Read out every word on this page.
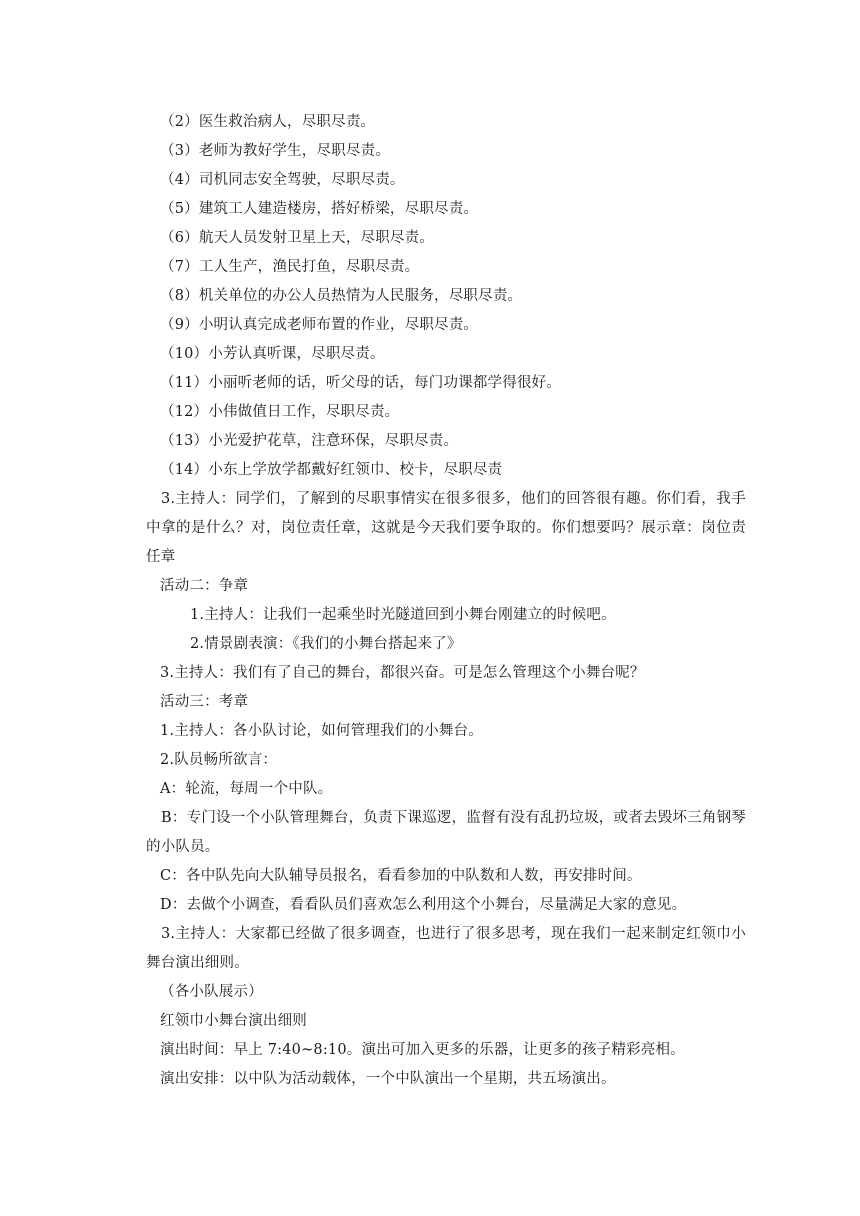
（2）医生救治病人，尽职尽责。
（3）老师为教好学生，尽职尽责。
（4）司机同志安全驾驶，尽职尽责。
（5）建筑工人建造楼房，搭好桥梁，尽职尽责。
（6）航天人员发射卫星上天，尽职尽责。
（7）工人生产，渔民打鱼，尽职尽责。
（8）机关单位的办公人员热情为人民服务，尽职尽责。
（9）小明认真完成老师布置的作业，尽职尽责。
（10）小芳认真听课，尽职尽责。
（11）小丽听老师的话，听父母的话，每门功课都学得很好。
（12）小伟做值日工作，尽职尽责。
（13）小光爱护花草，注意环保，尽职尽责。
（14）小东上学放学都戴好红领巾、校卡，尽职尽责

3.主持人：同学们，了解到的尽职事情实在很多很多，他们的回答很有趣。你们看，我手中拿的是什么？对，岗位责任章，这就是今天我们要争取的。你们想要吗？展示章：岗位责任章

活动二：争章
1.主持人：让我们一起乘坐时光隧道回到小舞台刚建立的时候吧。
2.情景剧表演：《我们的小舞台搭起来了》
3.主持人：我们有了自己的舞台，都很兴奋。可是怎么管理这个小舞台呢？
活动三：考章
1.主持人：各小队讨论，如何管理我们的小舞台。
2.队员畅所欲言：
A：轮流，每周一个中队。

B：专门设一个小队管理舞台，负责下课巡逻，监督有没有乱扔垃圾，或者去毁坏三角钢琴的小队员。

C：各中队先向大队辅导员报名，看看参加的中队数和人数，再安排时间。
D：去做个小调查，看看队员们喜欢怎么利用这个小舞台，尽量满足大家的意见。

3.主持人：大家都已经做了很多调查，也进行了很多思考，现在我们一起来制定红领巾小舞台演出细则。

（各小队展示）
红领巾小舞台演出细则
演出时间：早上 7:40~8:10。演出可加入更多的乐器，让更多的孩子精彩亮相。
演出安排：以中队为活动载体，一个中队演出一个星期，共五场演出。
